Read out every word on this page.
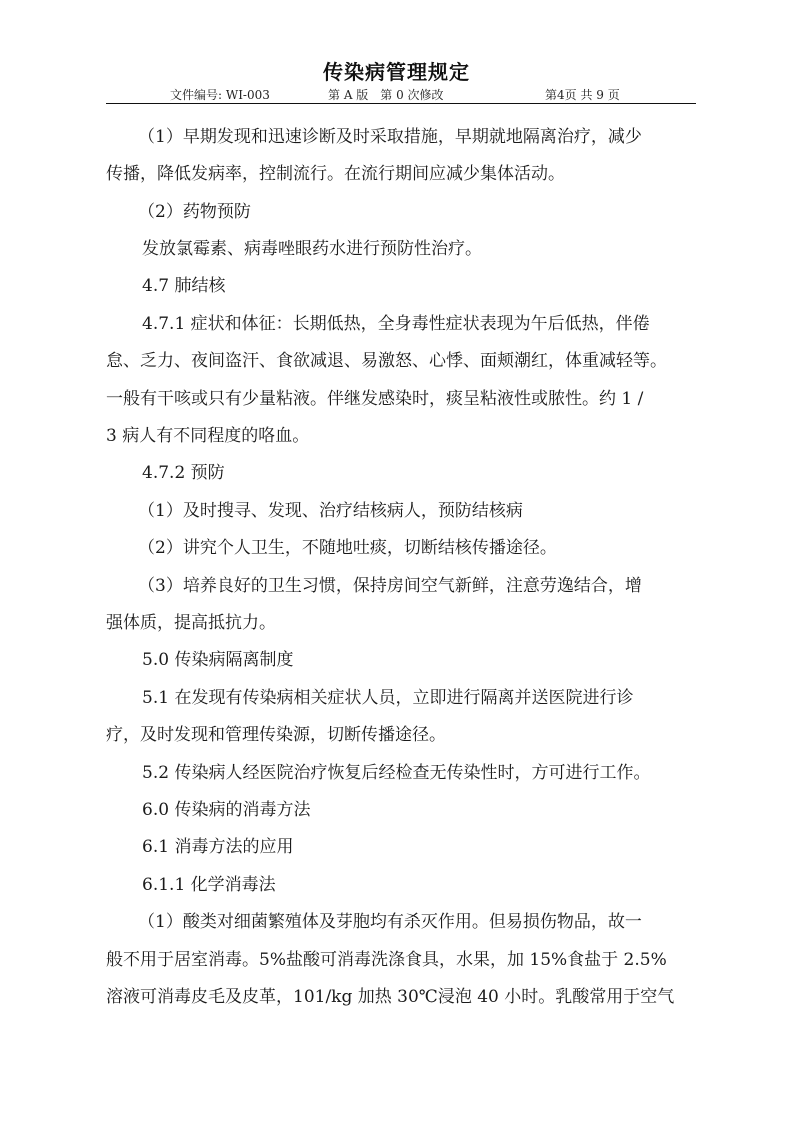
传染病管理规定
文件编号: WI-003	第 A 版　第 0 次修改	第4页 共 9 页
（1）早期发现和迅速诊断及时采取措施，早期就地隔离治疗，减少
传播，降低发病率，控制流行。在流行期间应减少集体活动。
（2）药物预防
发放氯霉素、病毒唑眼药水进行预防性治疗。
4.7 肺结核
4.7.1 症状和体征：长期低热，全身毒性症状表现为午后低热，伴倦
怠、乏力、夜间盗汗、食欲减退、易激怒、心悸、面颊潮红，体重减轻等。
一般有干咳或只有少量粘液。伴继发感染时，痰呈粘液性或脓性。约 1 /
3 病人有不同程度的咯血。
4.7.2 预防
（1）及时搜寻、发现、治疗结核病人，预防结核病
（2）讲究个人卫生，不随地吐痰，切断结核传播途径。
（3）培养良好的卫生习惯，保持房间空气新鲜，注意劳逸结合，增
强体质，提高抵抗力。
5.0 传染病隔离制度
5.1 在发现有传染病相关症状人员，立即进行隔离并送医院进行诊
疗，及时发现和管理传染源，切断传播途径。
5.2 传染病人经医院治疗恢复后经检查无传染性时，方可进行工作。
6.0 传染病的消毒方法
6.1 消毒方法的应用
6.1.1 化学消毒法
（1）酸类对细菌繁殖体及芽胞均有杀灭作用。但易损伤物品，故一
般不用于居室消毒。5%盐酸可消毒洗涤食具，水果，加 15%食盐于 2.5%
溶液可消毒皮毛及皮革，101/kg 加热 30℃浸泡 40 小时。乳酸常用于空气
